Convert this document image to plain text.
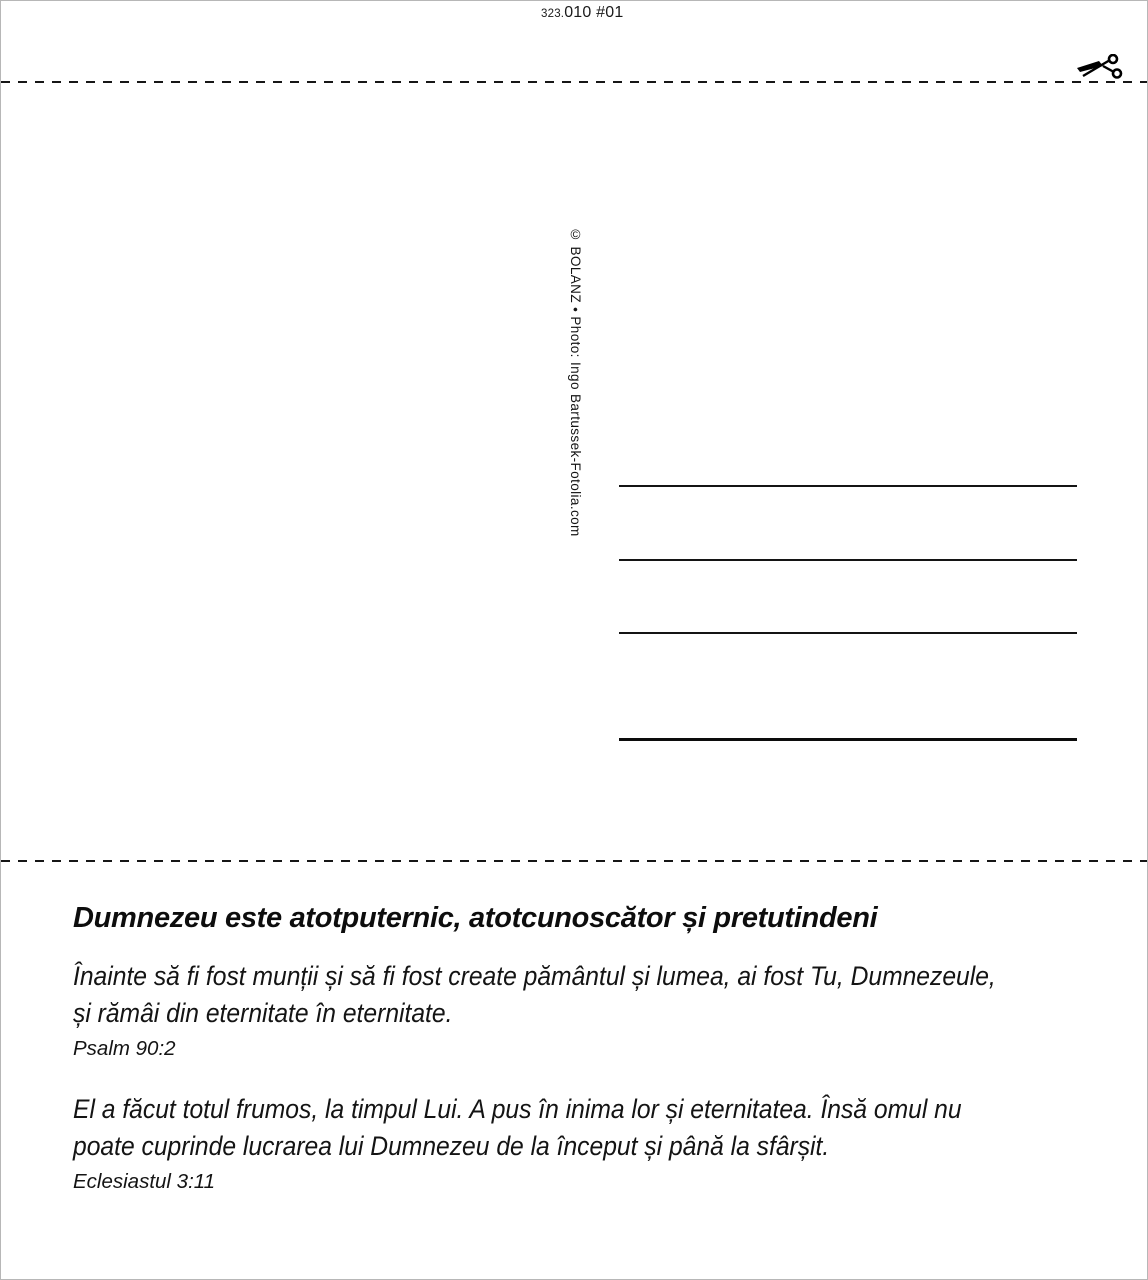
323.010 #01
© BOLANZ • Photo: Ingo Bartussek-Fotolia.com
Dumnezeu este atotputernic, atotcunoscător și pretutindeni
Înainte să fi fost munții și să fi fost create pământul și lumea, ai fost Tu, Dumnezeule,
și rămâi din eternitate în eternitate.
Psalm 90:2
El a făcut totul frumos, la timpul Lui. A pus în inima lor și eternitatea. Însă omul nu
poate cuprinde lucrarea lui Dumnezeu de la început și până la sfârșit.
Eclesiastul 3:11
